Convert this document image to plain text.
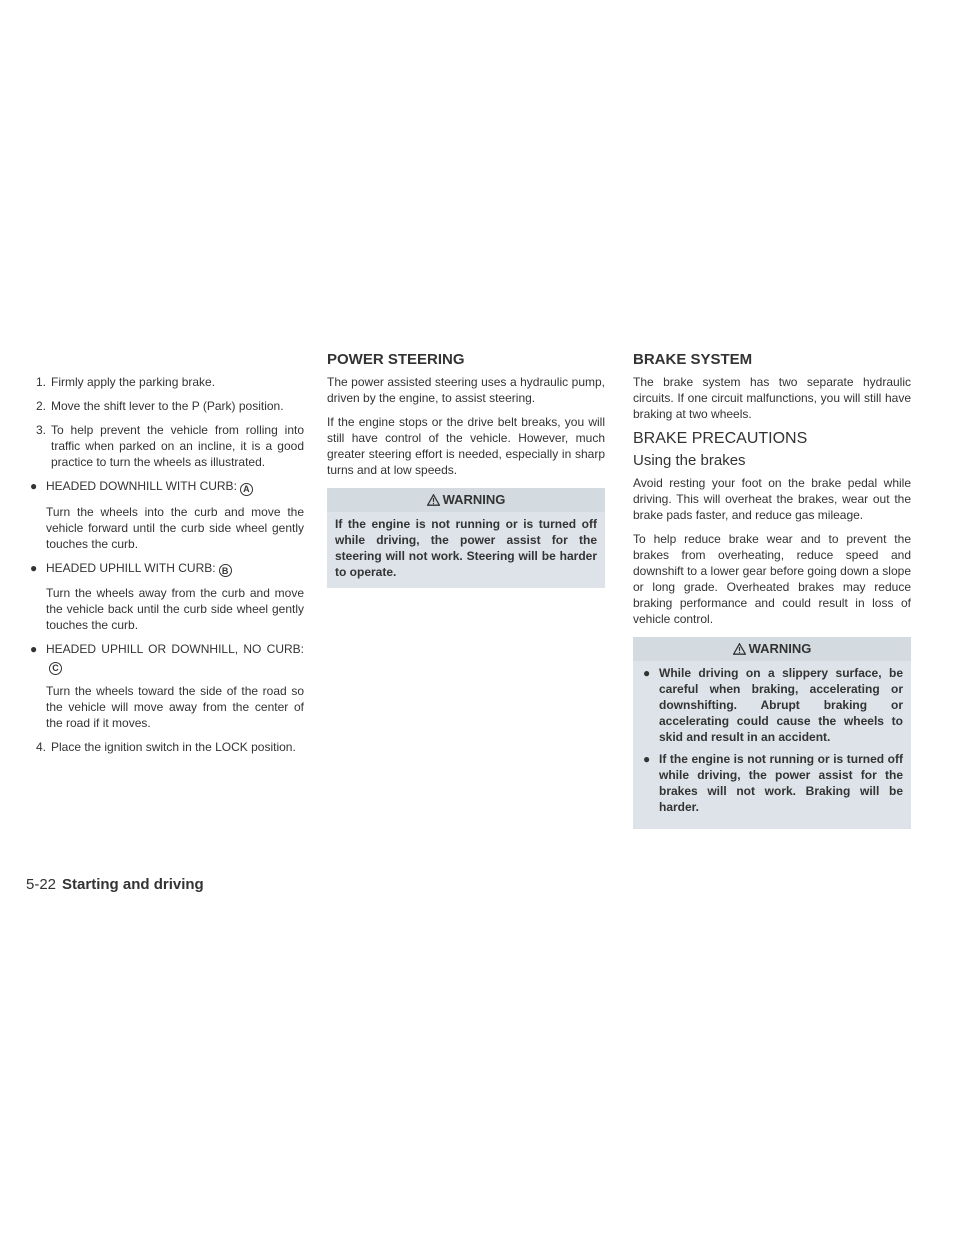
1. Firmly apply the parking brake.
2. Move the shift lever to the P (Park) position.
3. To help prevent the vehicle from rolling into traffic when parked on an incline, it is a good practice to turn the wheels as illustrated.
● HEADED DOWNHILL WITH CURB: A

Turn the wheels into the curb and move the vehicle forward until the curb side wheel gently touches the curb.

● HEADED UPHILL WITH CURB: B

Turn the wheels away from the curb and move the vehicle back until the curb side wheel gently touches the curb.

● HEADED UPHILL OR DOWNHILL, NO CURB:C

Turn the wheels toward the side of the road so the vehicle will move away from the center of the road if it moves.

4. Place the ignition switch in the LOCK position.
POWER STEERING

The power assisted steering uses a hydraulic pump, driven by the engine, to assist steering.

If the engine stops or the drive belt breaks, you will still have control of the vehicle. However, much greater steering effort is needed, especially in sharp turns and at low speeds.

WARNING

If the engine is not running or is turned off while driving, the power assist for the steering will not work. Steering will be harder to operate.

BRAKE SYSTEM

The brake system has two separate hydraulic circuits. If one circuit malfunctions, you will still have braking at two wheels.

BRAKE PRECAUTIONS
Using the brakes

Avoid resting your foot on the brake pedal while driving. This will overheat the brakes, wear out the brake pads faster, and reduce gas mileage.

To help reduce brake wear and to prevent the brakes from overheating, reduce speed and downshift to a lower gear before going down a slope or long grade. Overheated brakes may reduce braking performance and could result in loss of vehicle control.

WARNING
● While driving on a slippery surface, be careful when braking, accelerating or downshifting. Abrupt braking or accelerating could cause the wheels to skid and result in an accident.

● If the engine is not running or is turned off while driving, the power assist for the brakes will not work. Braking will be harder.

5-22 Starting and driving
